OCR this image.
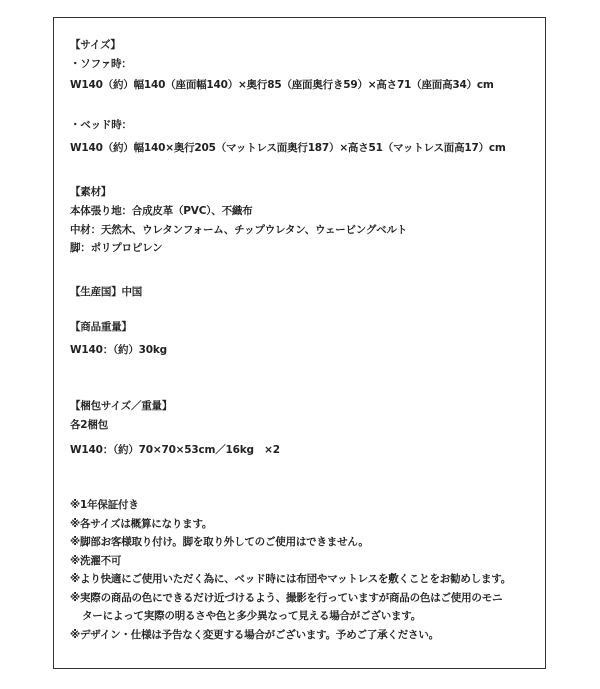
【サイズ】
・ソファ時：
W140（約）幅140（座面幅140）×奥行85（座面奥行き59）×高さ71（座面高34）cm
・ベッド時：
W140（約）幅140×奥行205（マットレス面奥行187）×高さ51（マットレス面高17）cm
【素材】
本体張り地：合成皮革（PVC）、不織布
中材：天然木、ウレタンフォーム、チップウレタン、ウェービングベルト
脚：ポリプロピレン
【生産国】中国
【商品重量】
W140：（約）30kg
【梱包サイズ／重量】
各2梱包
W140：（約）70×70×53cm／16kg　×2
※1年保証付き
※各サイズは概算になります。
※脚部お客様取り付け。脚を取り外してのご使用はできません。
※洗濯不可
※より快適にご使用いただく為に、ベッド時には布団やマットレスを敷くことをお勧めします。
※実際の商品の色にできるだけ近づけるよう、撮影を行っていますが商品の色はご使用のモニ
ターによって実際の明るさや色と多少異なって見える場合がございます。
※デザイン・仕様は予告なく変更する場合がございます。予めご了承ください。
